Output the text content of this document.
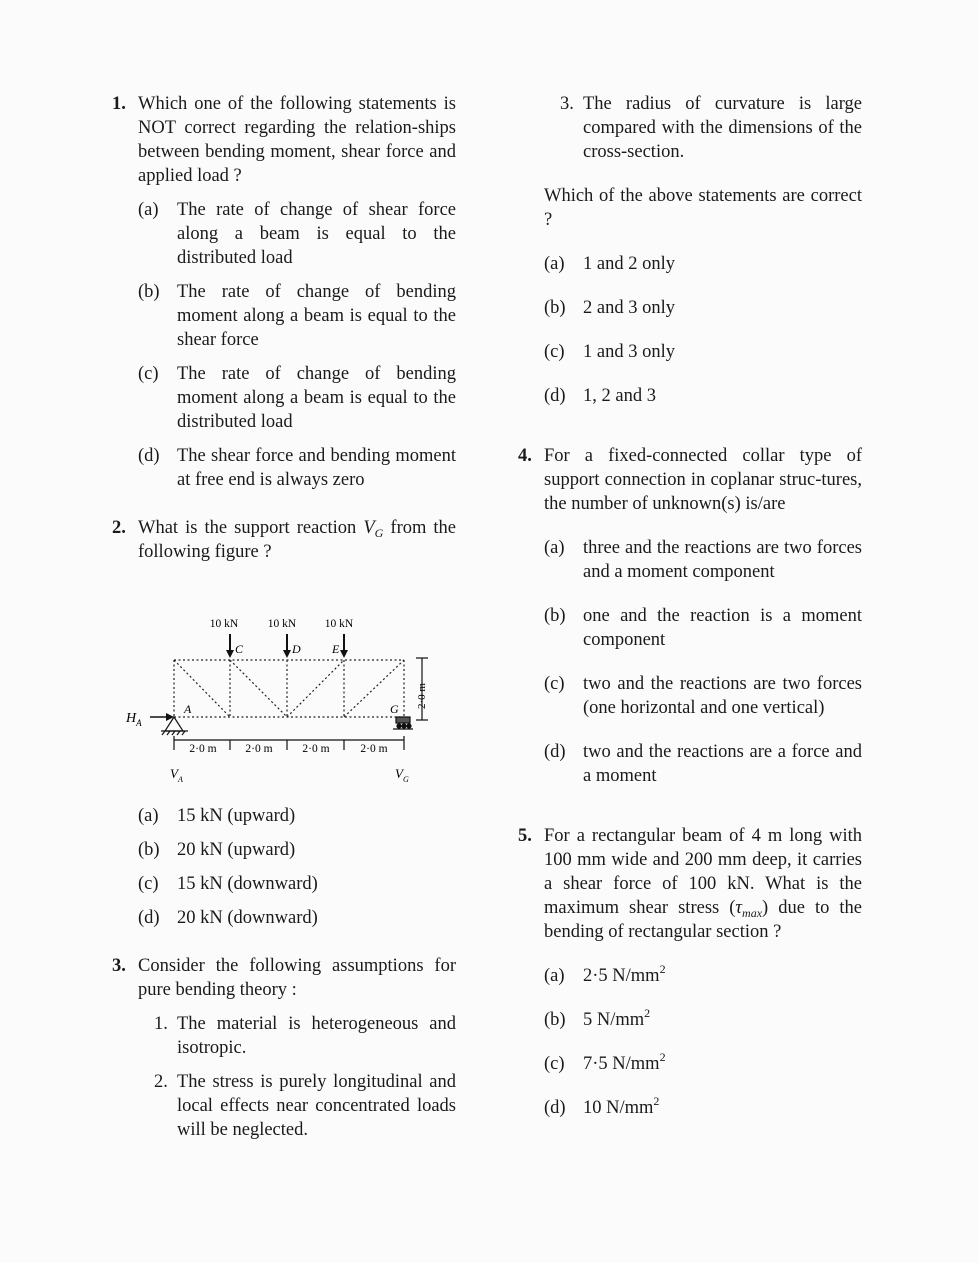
1. Which one of the following statements is NOT correct regarding the relation-ships between bending moment, shear force and applied load ?
(a) The rate of change of shear force along a beam is equal to the distributed load
(b) The rate of change of bending moment along a beam is equal to the shear force
(c) The rate of change of bending moment along a beam is equal to the distributed load
(d) The shear force and bending moment at free end is always zero
2. What is the support reaction $V_G$ from the following figure ?
10 kN	10 kN 10 kN
C	D	E
A	G
$H_A$
2·0 m
2·0 m	2·0 m	2·0 m	2·0 m
$V_A$	$V_G$
(a) 15 kN (upward)
(b) 20 kN (upward)
(c) 15 kN (downward)
(d) 20 kN (downward)
3. Consider the following assumptions for pure bending theory :
1. The material is heterogeneous and isotropic.
2. The stress is purely longitudinal and local effects near concentrated loads will be neglected.
3. The radius of curvature is large compared with the dimensions of the cross-section.
Which of the above statements are correct ?
(a) 1 and 2 only
(b) 2 and 3 only
(c) 1 and 3 only
(d) 1, 2 and 3
4. For a fixed-connected collar type of support connection in coplanar struc-tures, the number of unknown(s) is/are
(a) three and the reactions are two forces and a moment component
(b) one and the reaction is a moment component
(c) two and the reactions are two forces (one horizontal and one vertical)
(d) two and the reactions are a force and a moment
5. For a rectangular beam of 4 m long with 100 mm wide and 200 mm deep, it carries a shear force of 100 kN. What is the maximum shear stress $(\tau_{max})$ due to the bending of rectangular section ?
(a) 2·5 $N/mm^2$
(b) 5 $N/mm^2$
(c) 7·5 $N/mm^2$
(d) 10 $N/mm^2$
